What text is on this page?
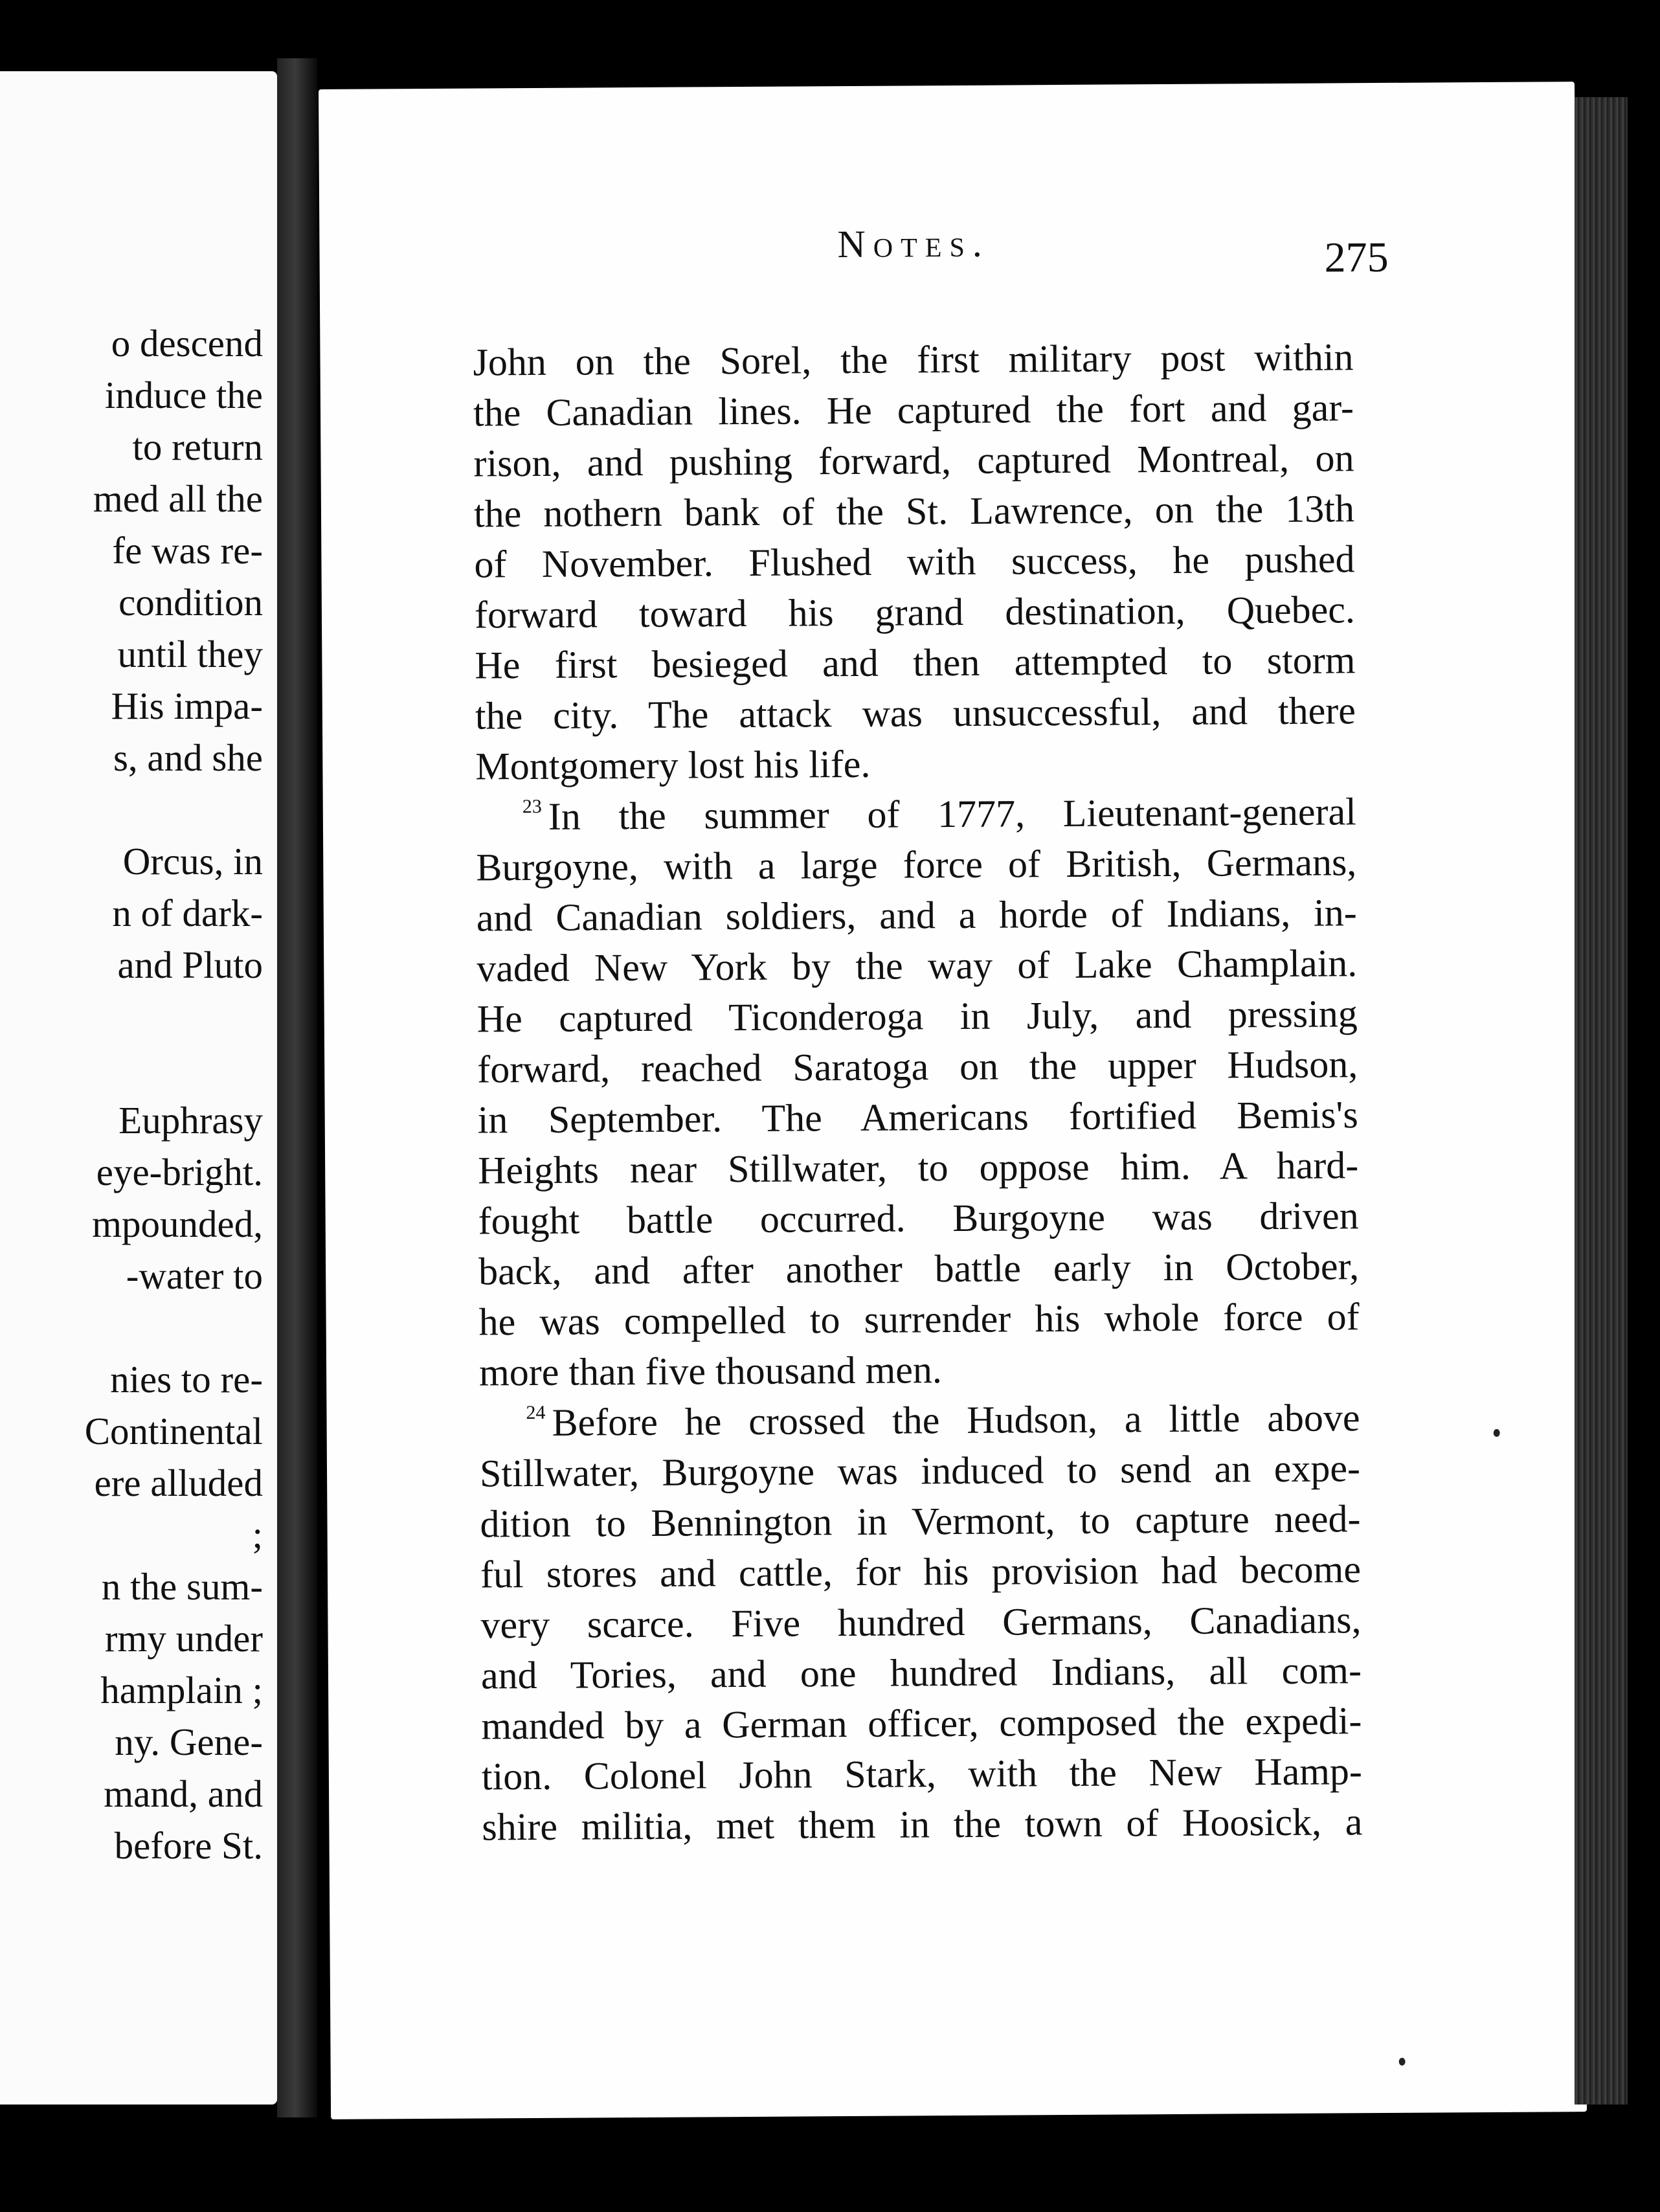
o descend
induce the
to return
med all the
fe was re-
condition
until they
His impa-
s, and she
Orcus, in
n of dark-
and Pluto
Euphrasy
eye-bright.
mpounded,
-water to
nies to re-
Continental
ere alluded
;
n the sum-
rmy under
hamplain ;
ny. Gene-
mand, and
before St.
Notes.	275
John on the Sorel, the first military post within
the Canadian lines. He captured the fort and gar-
rison, and pushing forward, captured Montreal, on
the nothern bank of the St. Lawrence, on the 13th
of November. Flushed with success, he pushed
forward toward his grand destination, Quebec.
He first besieged and then attempted to storm
the city. The attack was unsuccessful, and there
Montgomery lost his life.
$^{23}$ In the summer of 1777, Lieutenant-general
Burgoyne, with a large force of British, Germans,
and Canadian soldiers, and a horde of Indians, in-
vaded New York by the way of Lake Champlain.
He captured Ticonderoga in July, and pressing
forward, reached Saratoga on the upper Hudson,
in September. The Americans fortified Bemis's
Heights near Stillwater, to oppose him. A hard-
fought battle occurred. Burgoyne was driven
back, and after another battle early in October,
he was compelled to surrender his whole force of
more than five thousand men.
$^{24}$ Before he crossed the Hudson, a little above
Stillwater, Burgoyne was induced to send an expe-
dition to Bennington in Vermont, to capture need-
ful stores and cattle, for his provision had become
very scarce. Five hundred Germans, Canadians,
and Tories, and one hundred Indians, all com-
manded by a German officer, composed the expedi-
tion. Colonel John Stark, with the New Hamp-
shire militia, met them in the town of Hoosick, a
